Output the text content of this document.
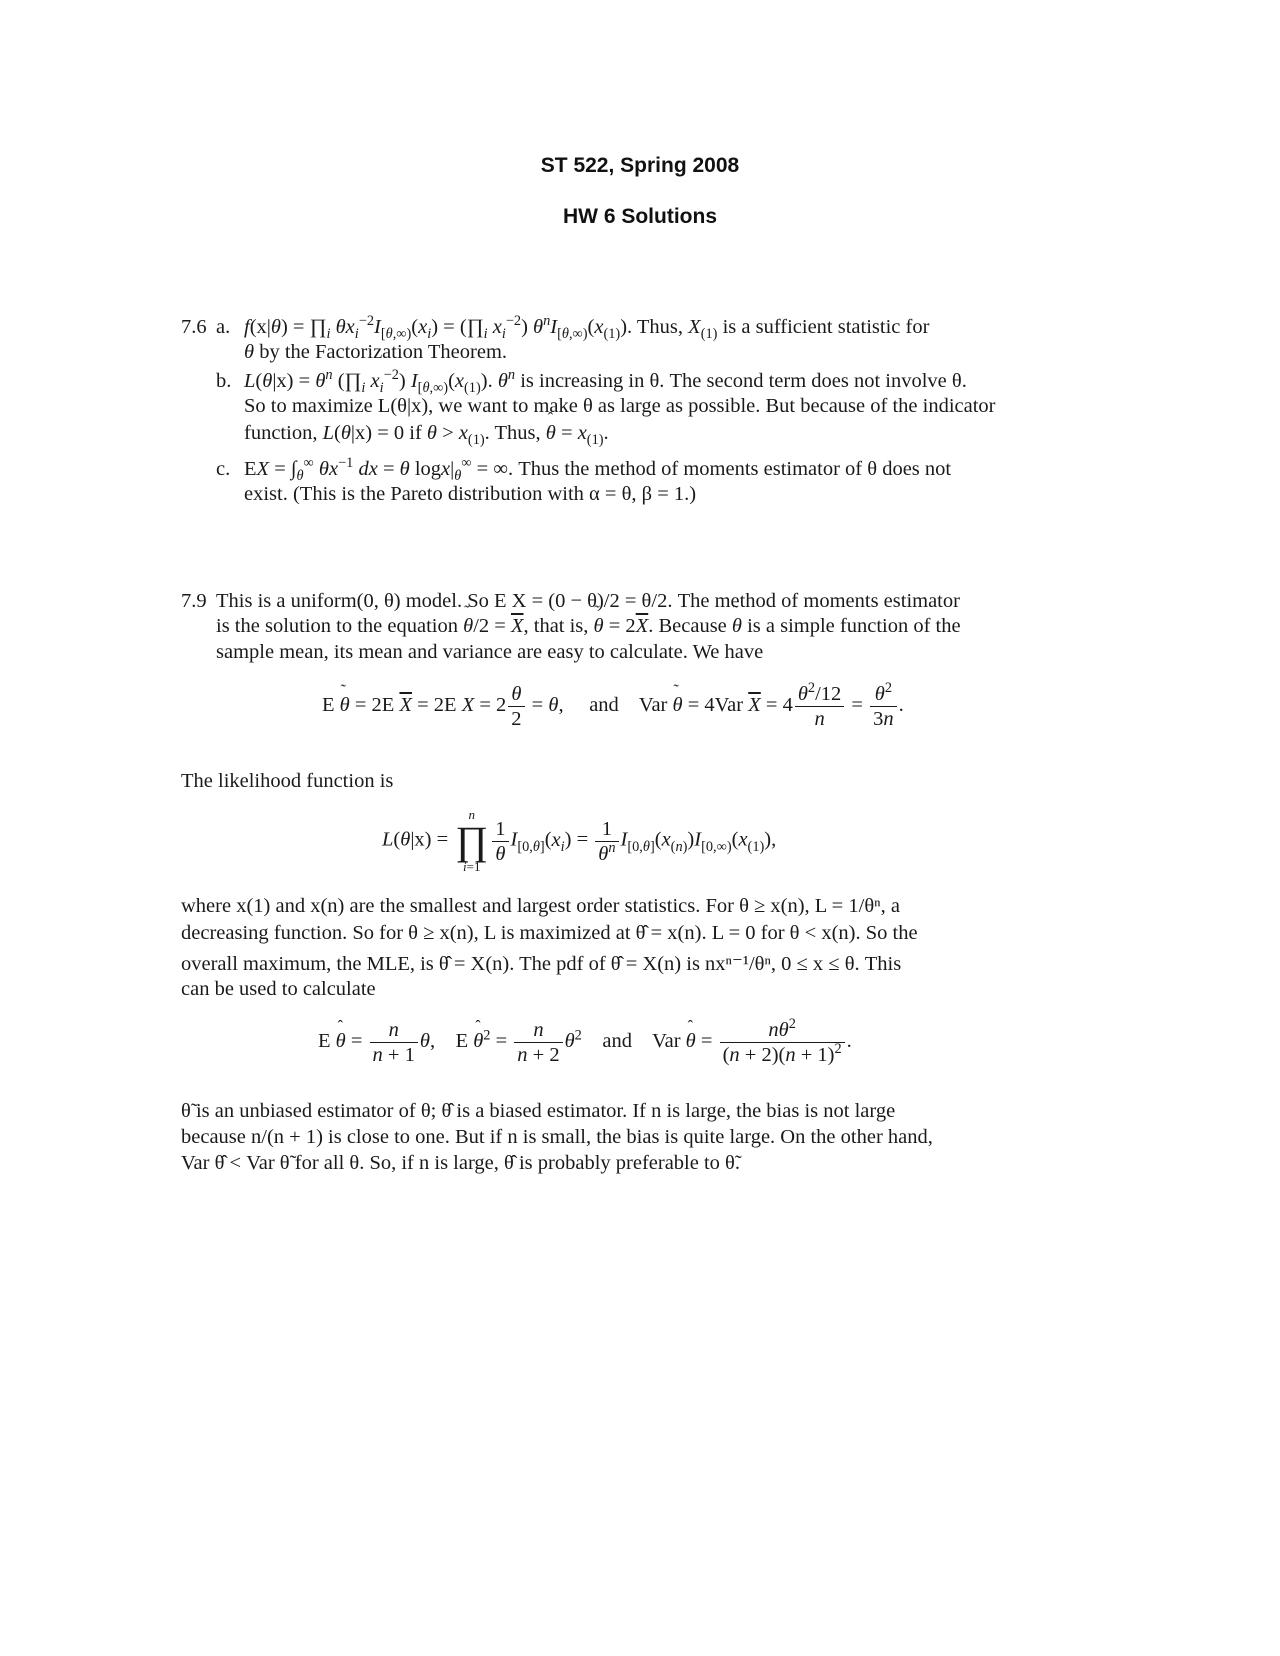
ST 522, Spring 2008
HW 6 Solutions
7.6 a. $f(x|\theta) = \prod_i$ $\theta x_i^{-2}I_{[\theta,\infty)}(x_i)$ = ($\prod_i$ $x_i^{-2}$) $\theta^nI_{[\theta,\infty)}(x_{(1)})$. Thus, $X_{(1)}$ is a sufficient statistic for
θ by the Factorization Theorem.
b. $L(\theta|x) = \theta^n$ ($\prod_i$ $x_i^{-2}$) $I_{[\theta,\infty)}(x_{(1)})$. $\theta^n$ is increasing in θ. The second term does not involve θ.
So to maximize L(θ|x), we want to make θ as large as possible. But because of the indicator
function, L(θ|x) = 0 if $\theta > x_{(1)}$. Thus, ˆ $\theta = x_{(1)}$.
c. EX = $\int_\theta^\infty$ $\theta x^{-1}$ dx = θ $\log x|_\theta^\infty$ = ∞. Thus the method of moments estimator of θ does not
exist. (This is the Pareto distribution with α = θ, β = 1.)
7.9 This is a uniform(0, θ) model. So E X = (0 − θ)/2 = θ/2. The method of moments estimator
is the solution to the equation ˜ $\theta/2 = \overline{X}$, that is, ˜ $\theta = 2\overline{X}$. Because ˜ θ is a simple function of the
sample mean, its mean and variance are easy to calculate. We have
E ˜ θ = 2E $\overline{X} = 2E$ $X = 2 \frac{\theta}{2} = \theta$,     and    Var ˜ θ = 4Var $\overline{X} = 4 \frac{\theta^2/12}{n} = \frac{\theta^2}{3n}$ .
The likelihood function is
L(θ|x) =
n
∏
i=1
$\frac{1}{\theta} I_{[0,\theta]}(x_i) = \frac{1}{\theta^n} I_{[0,\theta]}(x_{(n)})I_{[0,\infty)}(x_{(1)})$,
where x(1) and x(n) are the smallest and largest order statistics. For θ ≥ x(n), L = 1/θⁿ, a
decreasing function. So for θ ≥ x(n), L is maximized at θ̂ = x(n). L = 0 for θ < x(n). So the
overall maximum, the MLE, is θ̂ = X(n). The pdf of θ̂ = X(n) is nxⁿ⁻¹/θⁿ, 0 ≤ x ≤ θ. This
can be used to calculate
E ˆ $\theta = \frac{n}{n + 1} \theta$,    E ˆ $\theta^2 = \frac{n}{n + 2} \theta^2$ and    Var ˆ $\theta = \frac{n\theta^2}{(n + 2)(n + 1)^2}$ .
θ̃ is an unbiased estimator of θ; θ̂ is a biased estimator. If n is large, the bias is not large
because n/(n + 1) is close to one. But if n is small, the bias is quite large. On the other hand,
Var θ̂ < Var θ̃ for all θ. So, if n is large, θ̂ is probably preferable to θ̃.
